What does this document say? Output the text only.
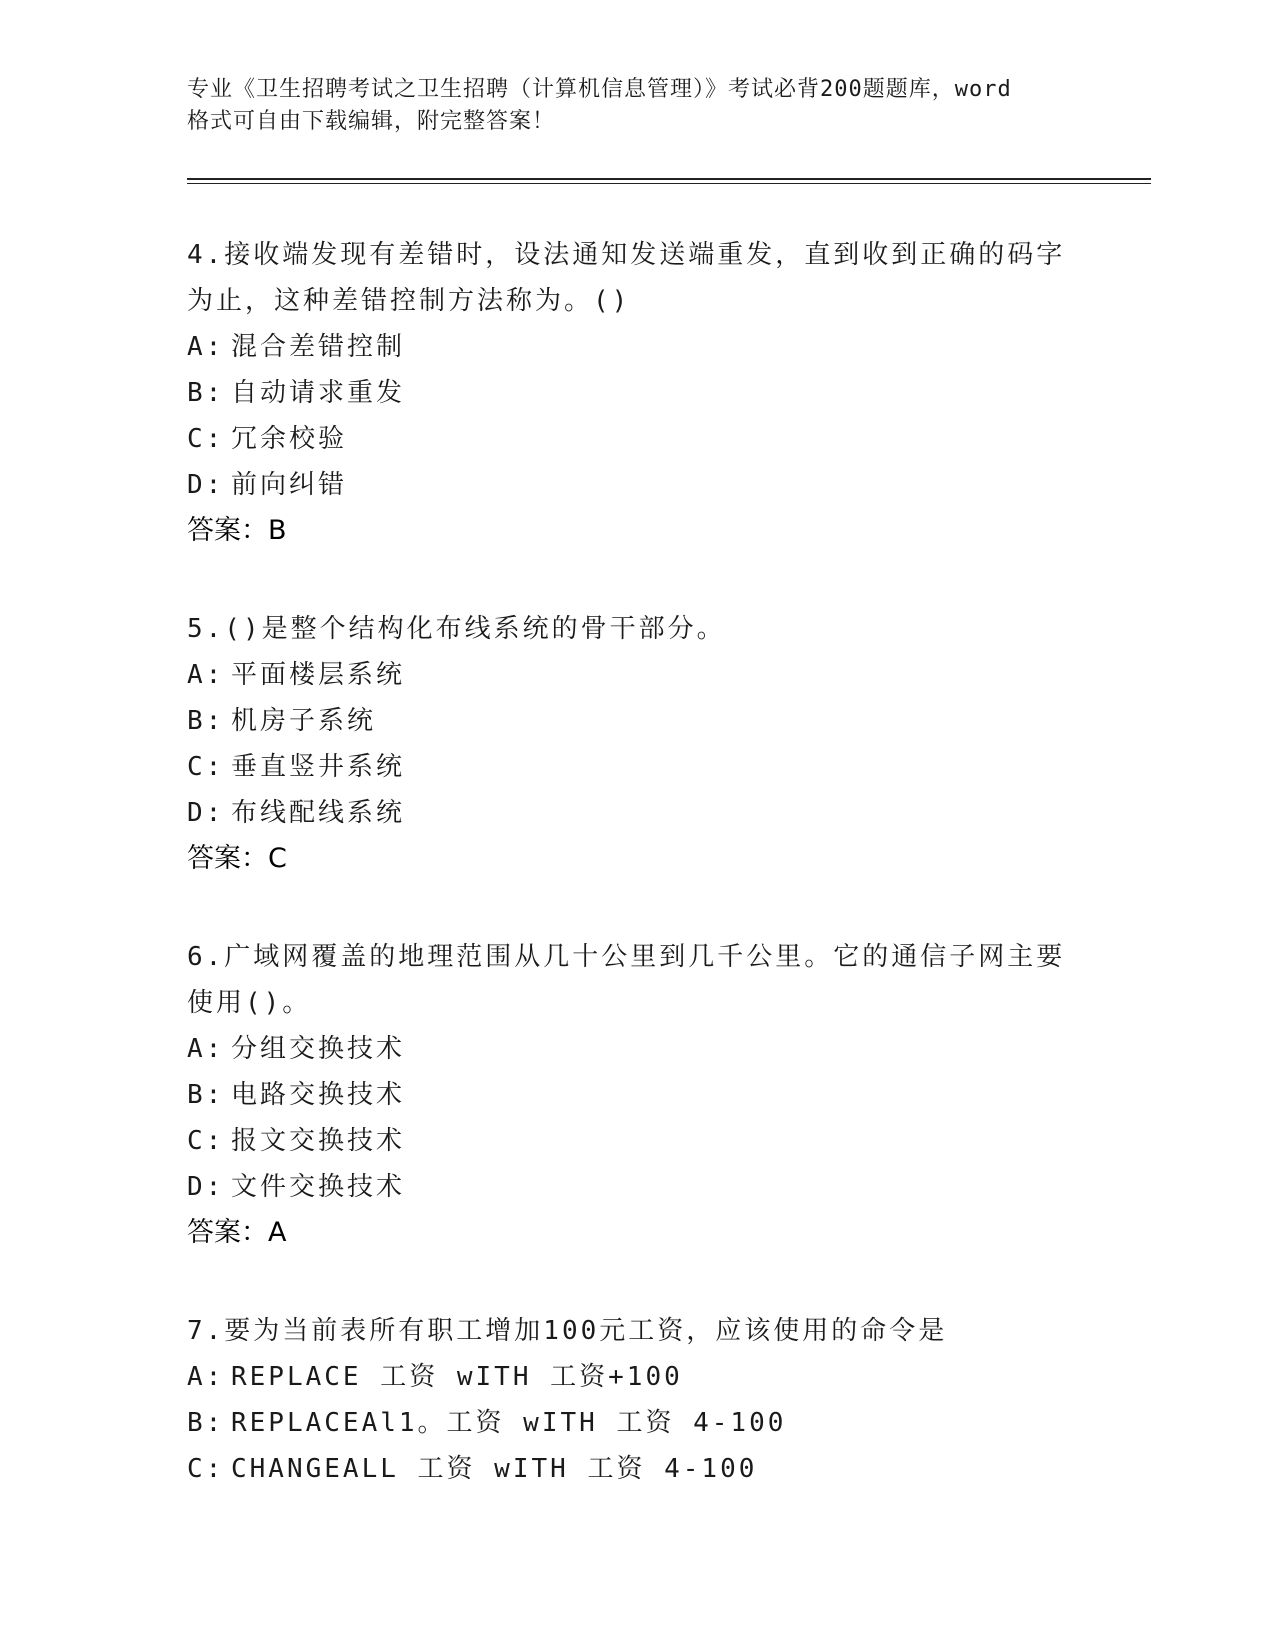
专业《卫生招聘考试之卫生招聘（计算机信息管理）》考试必背200题题库，word
格式可自由下载编辑，附完整答案！

4.接收端发现有差错时，设法通知发送端重发，直到收到正确的码字
为止，这种差错控制方法称为。()

A: 混合差错控制
B: 自动请求重发
C: 冗余校验
D: 前向纠错
答案：B

5.()是整个结构化布线系统的骨干部分。

A: 平面楼层系统
B: 机房子系统
C: 垂直竖井系统
D: 布线配线系统
答案：C

6.广域网覆盖的地理范围从几十公里到几千公里。它的通信子网主要
使用()。

A: 分组交换技术
B: 电路交换技术
C: 报文交换技术
D: 文件交换技术
答案：A

7.要为当前表所有职工增加100元工资，应该使用的命令是

A: REPLACE 工资 wITH 工资+100
B: REPLACEAl1。工资 wITH 工资 4-100
C: CHANGEALL 工资 wITH 工资 4-100
